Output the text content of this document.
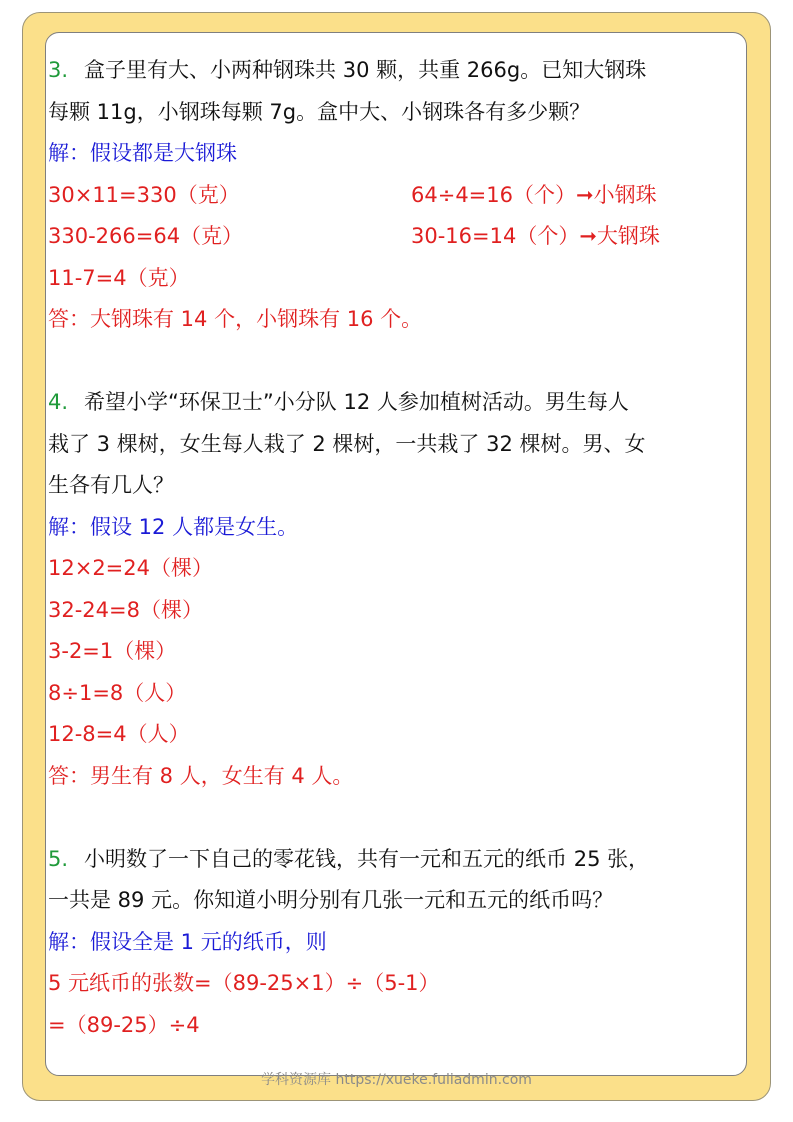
3. 盒子里有大、小两种钢珠共 30 颗，共重 266g。已知大钢珠
每颗 11g，小钢珠每颗 7g。盒中大、小钢珠各有多少颗？
解：假设都是大钢珠
30×11=330（克）	64÷4=16（个）➞小钢珠
330-266=64（克）	30-16=14（个）➞大钢珠
11-7=4（克）
答：大钢珠有 14 个，小钢珠有 16 个。
4. 希望小学“环保卫士”小分队 12 人参加植树活动。男生每人
栽了 3 棵树，女生每人栽了 2 棵树，一共栽了 32 棵树。男、女
生各有几人？
解：假设 12 人都是女生。
12×2=24（棵）
32-24=8（棵）
3-2=1（棵）
8÷1=8（人）
12-8=4（人）
答：男生有 8 人，女生有 4 人。
5. 小明数了一下自己的零花钱，共有一元和五元的纸币 25 张，
一共是 89 元。你知道小明分别有几张一元和五元的纸币吗？
解：假设全是 1 元的纸币，则
5 元纸币的张数=（89-25×1）÷（5-1）
=（89-25）÷4
学科资源库 https://xueke.fuliadmin.com
